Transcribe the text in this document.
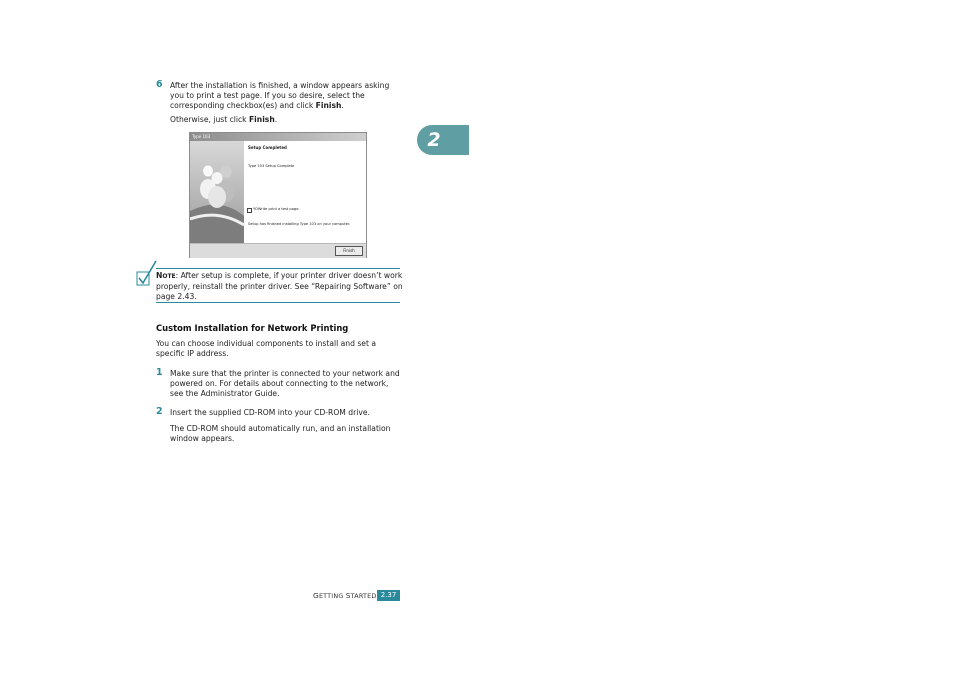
2
6 After the installation is finished, a window appears asking
you to print a test page. If you so desire, select the
corresponding checkbox(es) and click Finish.
Otherwise, just click Finish.
Type 103
Setup Completed
Type 103 Setup Complete
YOWrite print a test page.
Setup has finished installing Type 103 on your computer.
Finish
NOTE: After setup is complete, if your printer driver doesn’t work
properly, reinstall the printer driver. See “Repairing Software” on
page 2.43.
Custom Installation for Network Printing
You can choose individual components to install and set a
specific IP address.
1 Make sure that the printer is connected to your network and
powered on. For details about connecting to the network,
see the Administrator Guide.
2 Insert the supplied CD-ROM into your CD-ROM drive.
The CD-ROM should automatically run, and an installation
window appears.
GETTING STARTED 2.37
